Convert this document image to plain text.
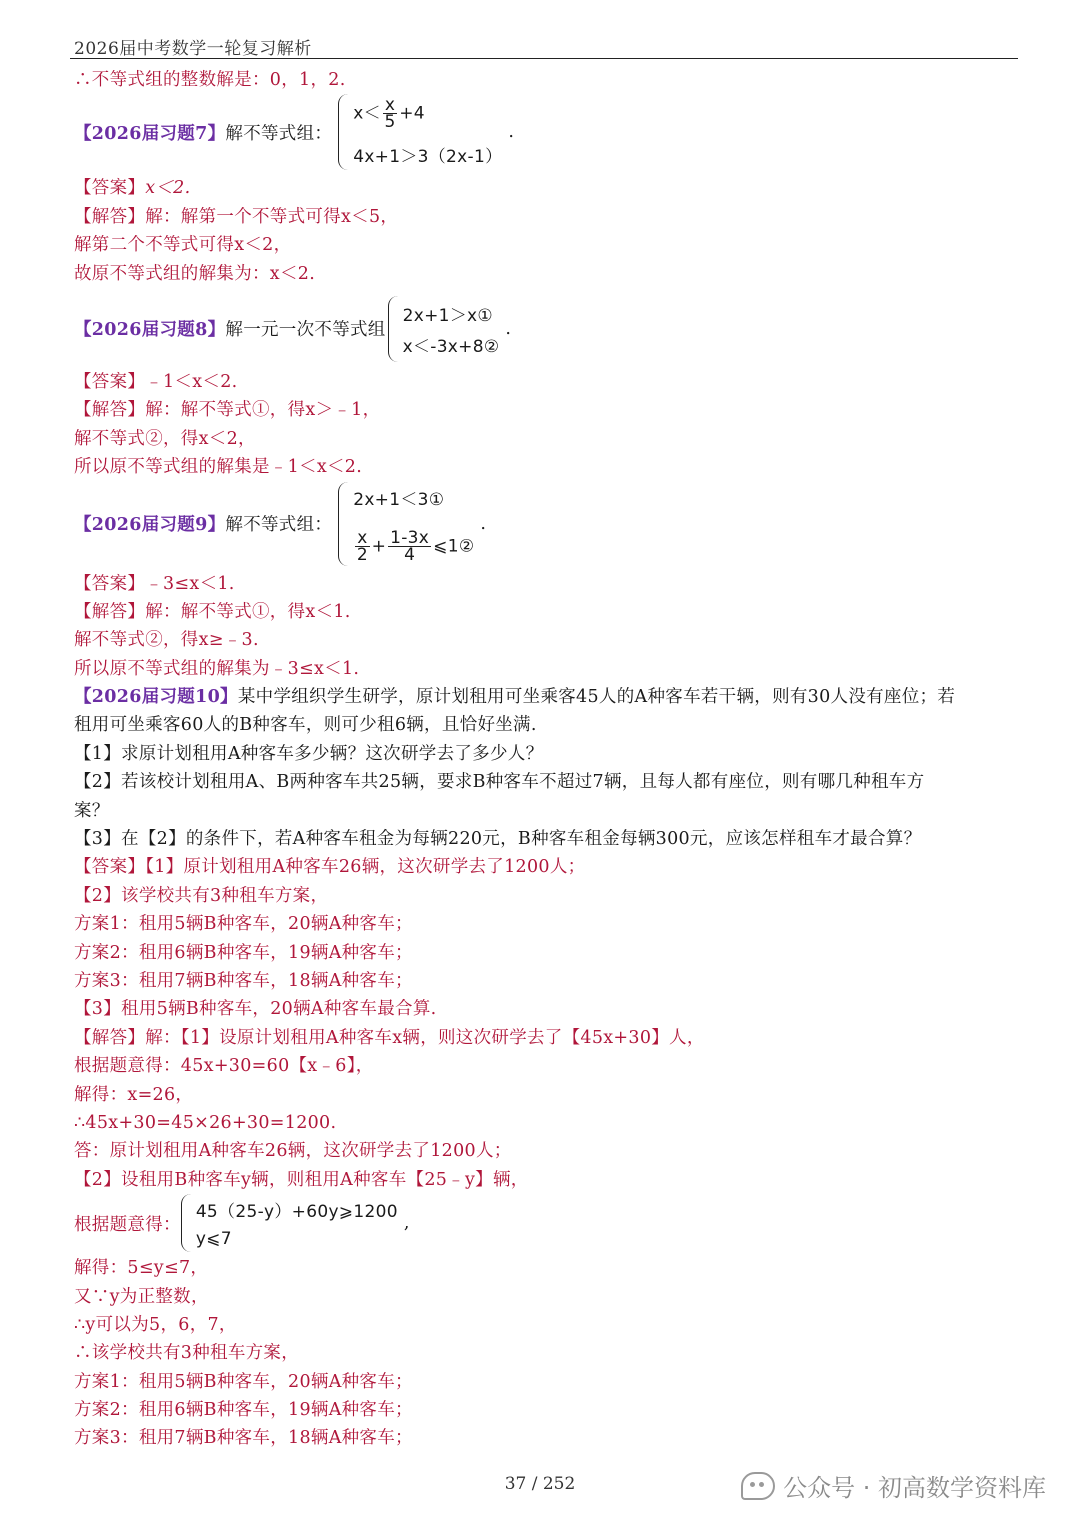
2026届中考数学一轮复习解析
∴不等式组的整数解是：0，1，2.
【2026届习题7】 解不等式组：
$x< \frac{x}{5} +4$
4x+1＞3（2x-1）
.
【答案】x＜2.
【解答】解：解第一个不等式可得x＜5，
解第二个不等式可得x＜2，
故原不等式组的解集为：x＜2.
【2026届习题8】 解一元一次不等式组
2x+1＞x①
x＜-3x+8②
.
【答案】﹣1＜x＜2.
【解答】解：解不等式①，得x＞﹣1，
解不等式②，得x＜2，
所以原不等式组的解集是﹣1＜x＜2.
【2026届习题9】 解不等式组：
2x+1＜3①
$\frac{x}{2} + \frac{1-3x}{4}$ ⩽1②
.
【答案】﹣3≤x＜1.
【解答】解：解不等式①，得x＜1.
解不等式②，得x≥﹣3.
所以原不等式组的解集为﹣3≤x＜1.
【2026届习题10】某中学组织学生研学，原计划租用可坐乘客45人的A种客车若干辆，则有30人没有座位；若
租用可坐乘客60人的B种客车，则可少租6辆，且恰好坐满.
【1】求原计划租用A种客车多少辆？这次研学去了多少人？
【2】若该校计划租用A、B两种客车共25辆，要求B种客车不超过7辆，且每人都有座位，则有哪几种租车方
案？
【3】在【2】的条件下，若A种客车租金为每辆220元，B种客车租金每辆300元，应该怎样租车才最合算？
【答案】【1】原计划租用A种客车26辆，这次研学去了1200人；
【2】该学校共有3种租车方案，
方案1：租用5辆B种客车，20辆A种客车；
方案2：租用6辆B种客车，19辆A种客车；
方案3：租用7辆B种客车，18辆A种客车；
【3】租用5辆B种客车，20辆A种客车最合算.
【解答】解：【1】设原计划租用A种客车x辆，则这次研学去了【45x+30】人，
根据题意得：45x+30=60【x﹣6】，
解得：x=26，
∴45x+30=45×26+30=1200.
答：原计划租用A种客车26辆，这次研学去了1200人；
【2】设租用B种客车y辆，则租用A种客车【25﹣y】辆，
根据题意得：
45（25-y）+60y⩾1200
y⩽7
,
解得：5≤y≤7，
又∵y为正整数，
∴y可以为5，6，7，
∴该学校共有3种租车方案，
方案1：租用5辆B种客车，20辆A种客车；
方案2：租用6辆B种客车，19辆A种客车；
方案3：租用7辆B种客车，18辆A种客车；
37 / 252	公众号 · 初高数学资料库
